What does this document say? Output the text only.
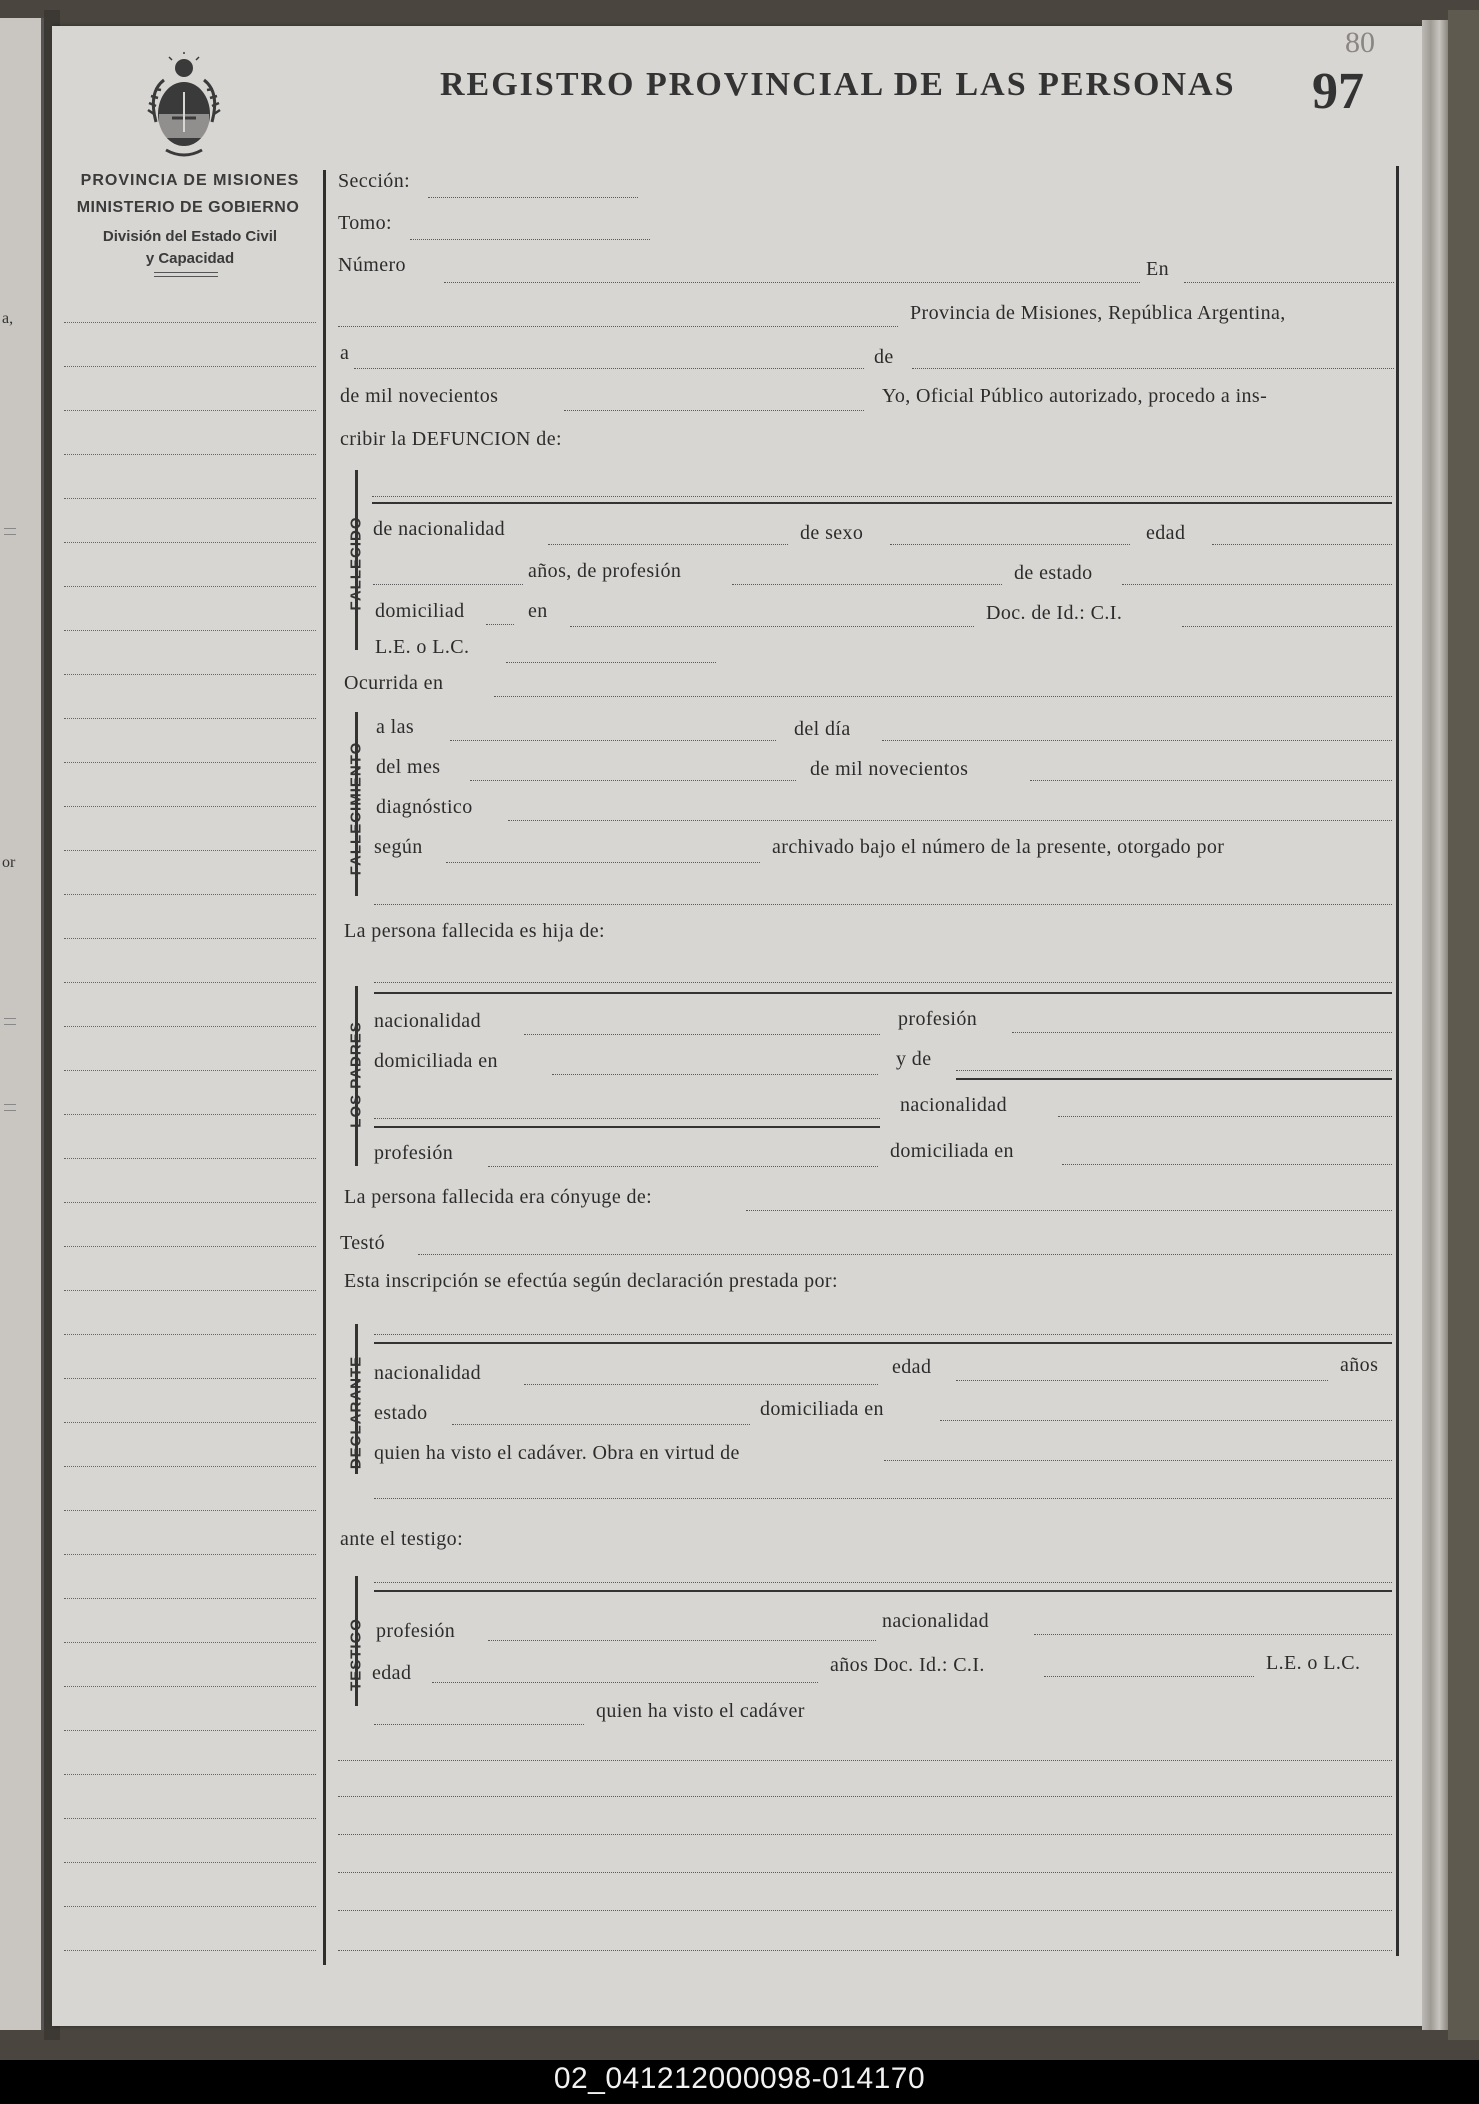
a,
or
PROVINCIA DE MISIONES
MINISTERIO DE GOBIERNO
División del Estado Civil
y Capacidad
REGISTRO PROVINCIAL DE LAS PERSONAS 97
80
Sección:
Tomo:
Número	En
Provincia de Misiones, República Argentina,
a	de
de mil novecientos	Yo, Oficial Público autorizado, procedo a ins-
cribir la DEFUNCION de:
FALLECIDO de nacionalidad	de sexo	edad
años, de profesión	de estado
domiciliad	en	Doc. de Id.: C.I.
L.E. o L.C.
Ocurrida en
FALLECIMIENTO
a las	del día
del mes	de mil novecientos
diagnóstico
según	archivado bajo el número de la presente, otorgado por
La persona fallecida es hija de:
LOS PADRES
nacionalidad	profesión
domiciliada en	y de
nacionalidad
profesión	domiciliada en
La persona fallecida era cónyuge de:
Testó
Esta inscripción se efectúa según declaración prestada por:
DECLARANTE nacionalidad	edad	años
estado	domiciliada en
quien ha visto el cadáver. Obra en virtud de
ante el testigo:
TESTIGO profesión	nacionalidad
edad	años Doc. Id.: C.I.	L.E. o L.C.
quien ha visto el cadáver
02_041212000098-014170
